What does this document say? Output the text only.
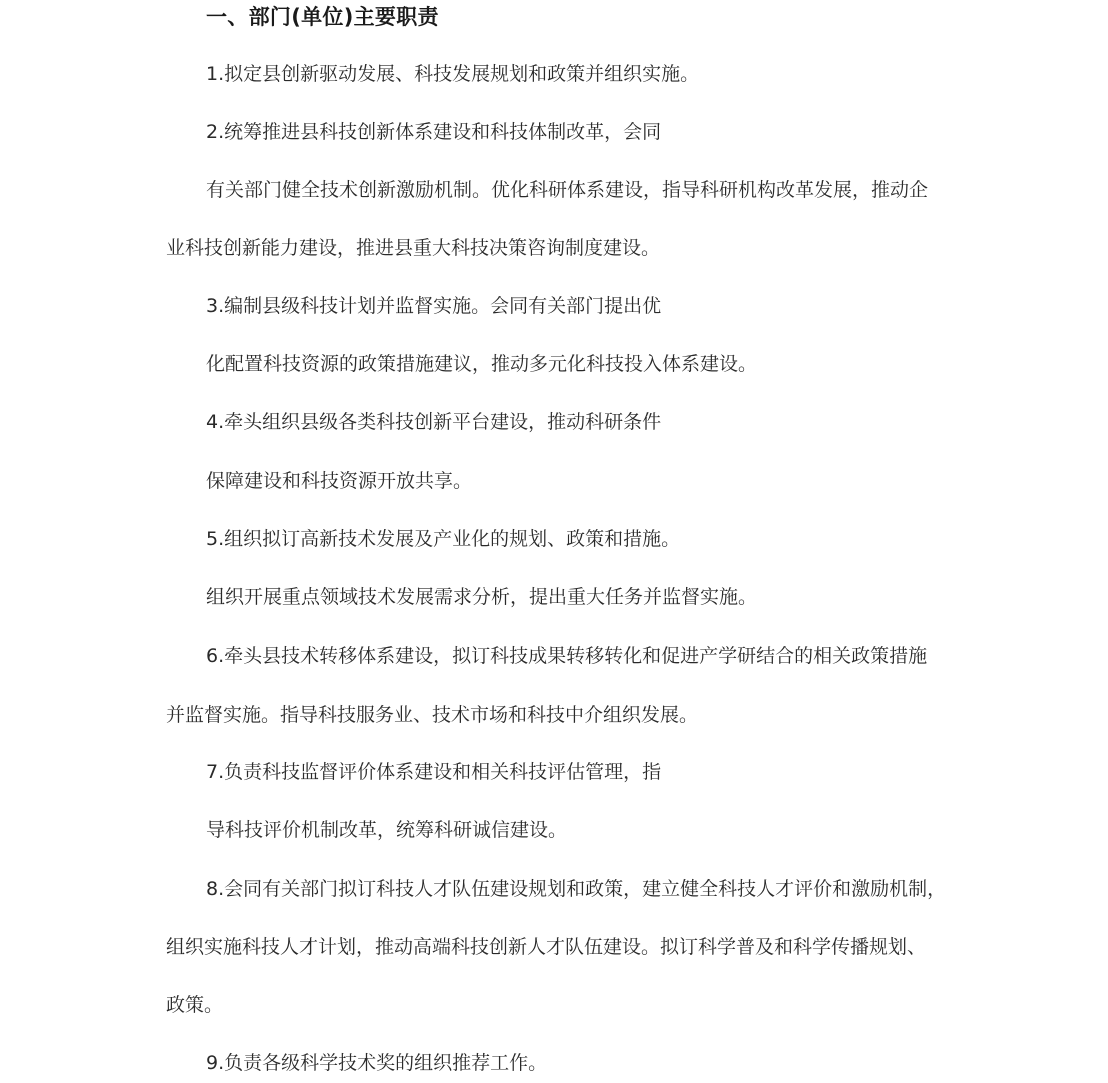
一、部门(单位)主要职责
1.拟定县创新驱动发展、科技发展规划和政策并组织实施。
2.统筹推进县科技创新体系建设和科技体制改革，会同
有关部门健全技术创新激励机制。优化科研体系建设，指导科研机构改革发展，推动企
业科技创新能力建设，推进县重大科技决策咨询制度建设。
3.编制县级科技计划并监督实施。会同有关部门提出优
化配置科技资源的政策措施建议，推动多元化科技投入体系建设。
4.牵头组织县级各类科技创新平台建设，推动科研条件
保障建设和科技资源开放共享。
5.组织拟订高新技术发展及产业化的规划、政策和措施。
组织开展重点领域技术发展需求分析，提出重大任务并监督实施。
6.牵头县技术转移体系建设，拟订科技成果转移转化和促进产学研结合的相关政策措施
并监督实施。指导科技服务业、技术市场和科技中介组织发展。
7.负责科技监督评价体系建设和相关科技评估管理，指
导科技评价机制改革，统筹科研诚信建设。
8.会同有关部门拟订科技人才队伍建设规划和政策，建立健全科技人才评价和激励机制，
组织实施科技人才计划，推动高端科技创新人才队伍建设。拟订科学普及和科学传播规划、
政策。
9.负责各级科学技术奖的组织推荐工作。
